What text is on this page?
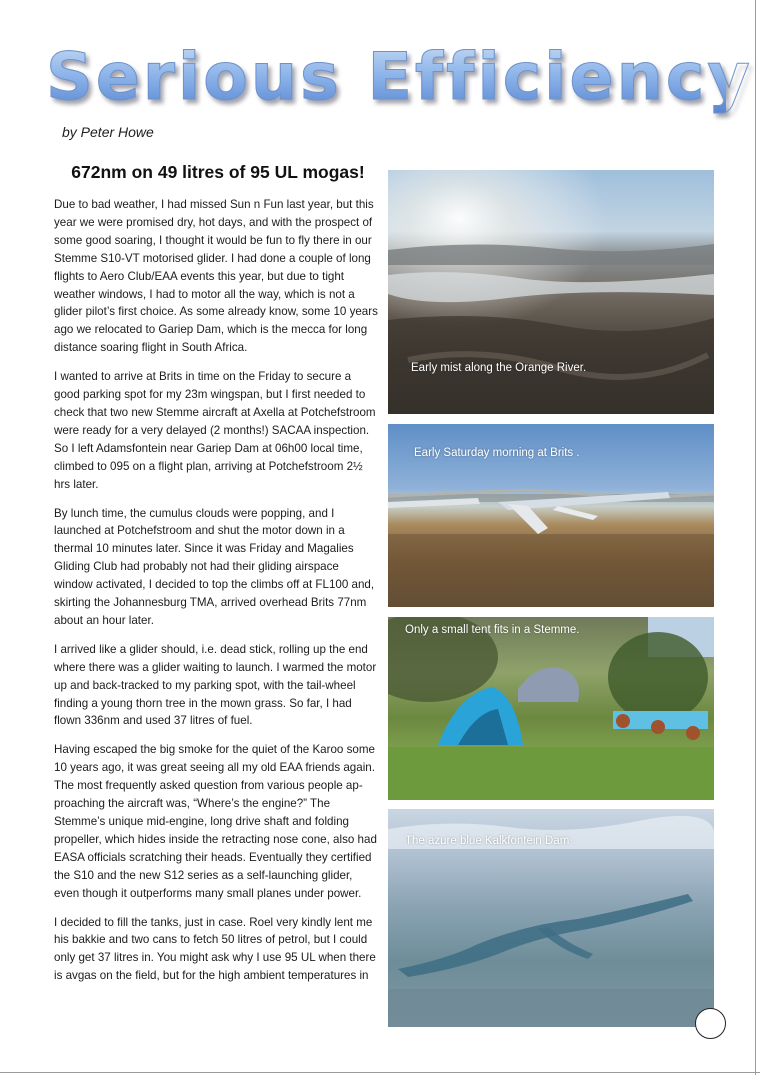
Serious Efficiency
by Peter Howe
672nm on 49 litres of 95 UL mogas!

Due to bad weather, I had missed Sun n Fun last year, but this year we were promised dry, hot days, and with the prospect of some good soaring, I thought it would be fun to fly there in our Stemme S10-VT motorised glider. I had done a couple of long flights to Aero Club/EAA events this year, but due to tight weather windows, I had to motor all the way, which is not a glider pilot’s first choice. As some already know, some 10 years ago we relocated to Gariep Dam, which is the mecca for long distance soaring flight in South Africa.

I wanted to arrive at Brits in time on the Friday to secure a good parking spot for my 23m wingspan, but I first needed to check that two new Stemme aircraft at Axella at Potchefstroom were ready for a very delayed (2 months!) SACAA inspection. So I left Adamsfontein near Gariep Dam at 06h00 local time, climbed to 095 on a flight plan, arriving at Potchefstroom 2½ hrs later.

By lunch time, the cumulus clouds were popping, and I launched at Potchefstroom and shut the motor down in a thermal 10 minutes later. Since it was Friday and Magalies Gliding Club had probably not had their gliding airspace window activated, I decided to top the climbs off at FL100 and, skirting the Johannesburg TMA, arrived overhead Brits 77nm about an hour later.

I arrived like a glider should, i.e. dead stick, rolling up the end where there was a glider waiting to launch. I warmed the motor up and back-tracked to my parking spot, with the tail-wheel finding a young thorn tree in the mown grass. So far, I had flown 336nm and used 37 litres of fuel.

Having escaped the big smoke for the quiet of the Karoo some 10 years ago, it was great seeing all my old EAA friends again. The most frequently asked question from various people ap-proaching the aircraft was, “Where’s the engine?” The Stemme’s unique mid-engine, long drive shaft and folding propeller, which hides inside the retracting nose cone, also had EASA officials scratching their heads. Eventually they certified the S10 and the new S12 series as a self-launching glider, even though it outperforms many small planes under power.

I decided to fill the tanks, just in case. Roel very kindly lent me his bakkie and two cans to fetch 50 litres of petrol, but I could only get 37 litres in. You might ask why I use 95 UL when there is avgas on the field, but for the high ambient temperatures in

Early mist along the Orange River.
Early Saturday morning at Brits .
Only a small tent fits in a Stemme.
The azure blue Kalkfontein Dam .
